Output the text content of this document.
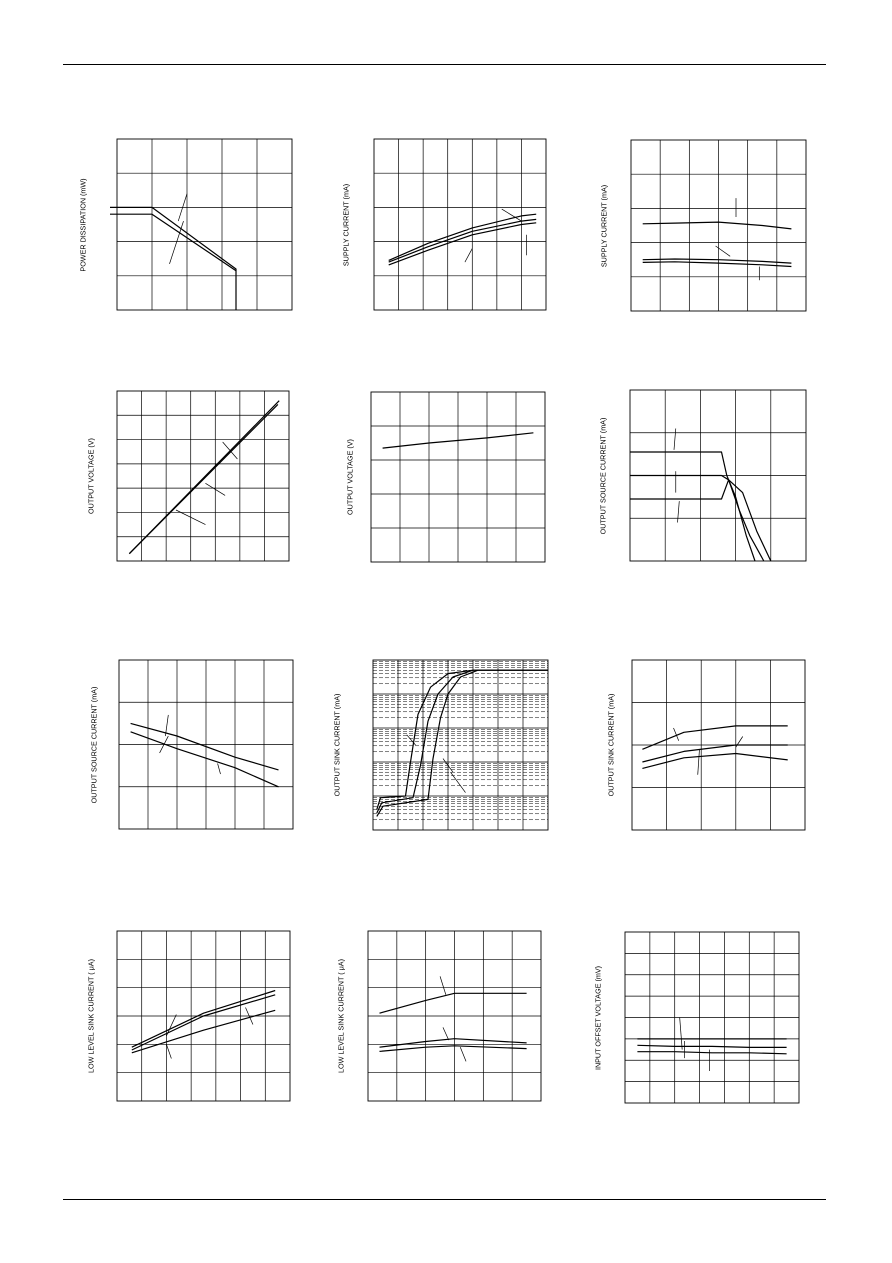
POWER DISSIPATION (mW)	SUPPLY CURRENT (mA)	SUPPLY CURRENT (mA)
OUTPUT VOLTAGE (V)	OUTPUT VOLTAGE (V)	OUTPUT SOURCE CURRENT (mA)
OUTPUT SOURCE CURRENT (mA)	OUTPUT SINK CURRENT (mA)	OUTPUT SINK CURRENT (mA)
LOW LEVEL SINK CURRENT ( μA)	LOW LEVEL SINK CURRENT ( μA)	INPUT OFFSET VOLTAGE (mV)
